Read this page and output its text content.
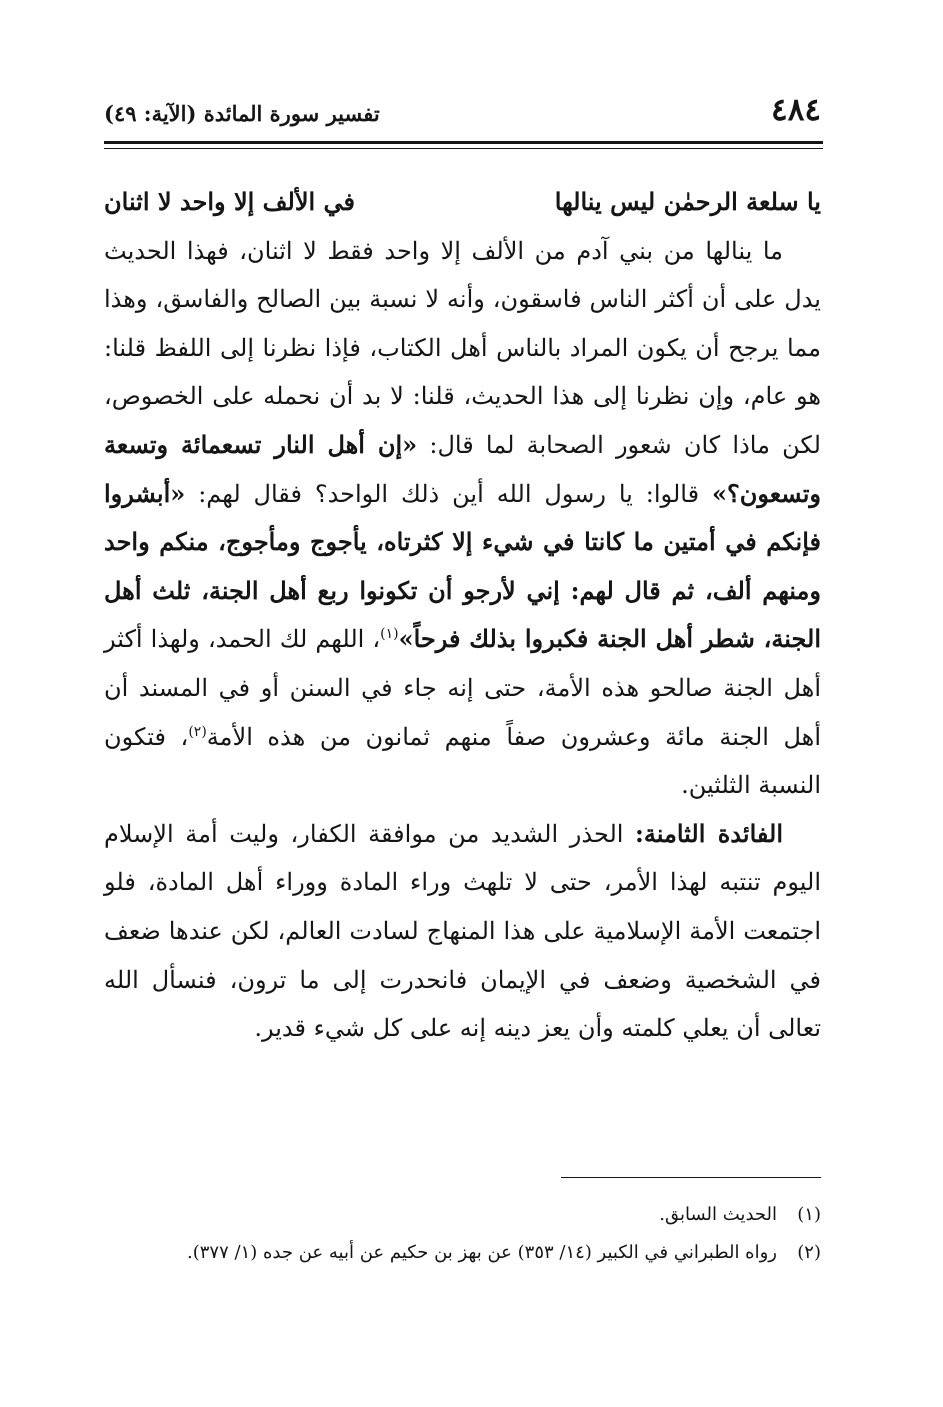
٤٨٤
تفسير سورة المائدة (الآية: ٤٩)
يا سلعة الرحمٰن ليس ينالها
في الألف إلا واحد لا اثنان

ما ينالها من بني آدم من الألف إلا واحد فقط لا اثنان، فهذا الحديث يدل على أن أكثر الناس فاسقون، وأنه لا نسبة بين الصالح والفاسق، وهذا مما يرجح أن يكون المراد بالناس أهل الكتاب، فإذا نظرنا إلى اللفظ قلنا: هو عام، وإن نظرنا إلى هذا الحديث، قلنا: لا بد أن نحمله على الخصوص، لكن ماذا كان شعور الصحابة لما قال: «إن أهل النار تسعمائة وتسعة وتسعون؟» قالوا: يا رسول الله أين ذلك الواحد؟ فقال لهم: «أبشروا فإنكم في أمتين ما كانتا في شيء إلا كثرتاه، يأجوج ومأجوج، منكم واحد ومنهم ألف، ثم قال لهم: إني لأرجو أن تكونوا ربع أهل الجنة، ثلث أهل الجنة، شطر أهل الجنة فكبروا بذلك فرحاً»$^{(١)}$، اللهم لك الحمد، ولهذا أكثر أهل الجنة صالحو هذه الأمة، حتى إنه جاء في السنن أو في المسند أن أهل الجنة مائة وعشرون صفاً منهم ثمانون من هذه الأمة$^{(٢)}$، فتكون النسبة الثلثين.

الفائدة الثامنة: الحذر الشديد من موافقة الكفار، وليت أمة الإسلام اليوم تنتبه لهذا الأمر، حتى لا تلهث وراء المادة ووراء أهل المادة، فلو اجتمعت الأمة الإسلامية على هذا المنهاج لسادت العالم، لكن عندها ضعف في الشخصية وضعف في الإيمان فانحدرت إلى ما ترون، فنسأل الله تعالى أن يعلي كلمته وأن يعز دينه إنه على كل شيء قدير.

(١)
الحديث السابق.
(٢)
رواه الطبراني في الكبير (١٤/ ٣٥٣) عن بهز بن حكيم عن أبيه عن جده (١/ ٣٧٧).
